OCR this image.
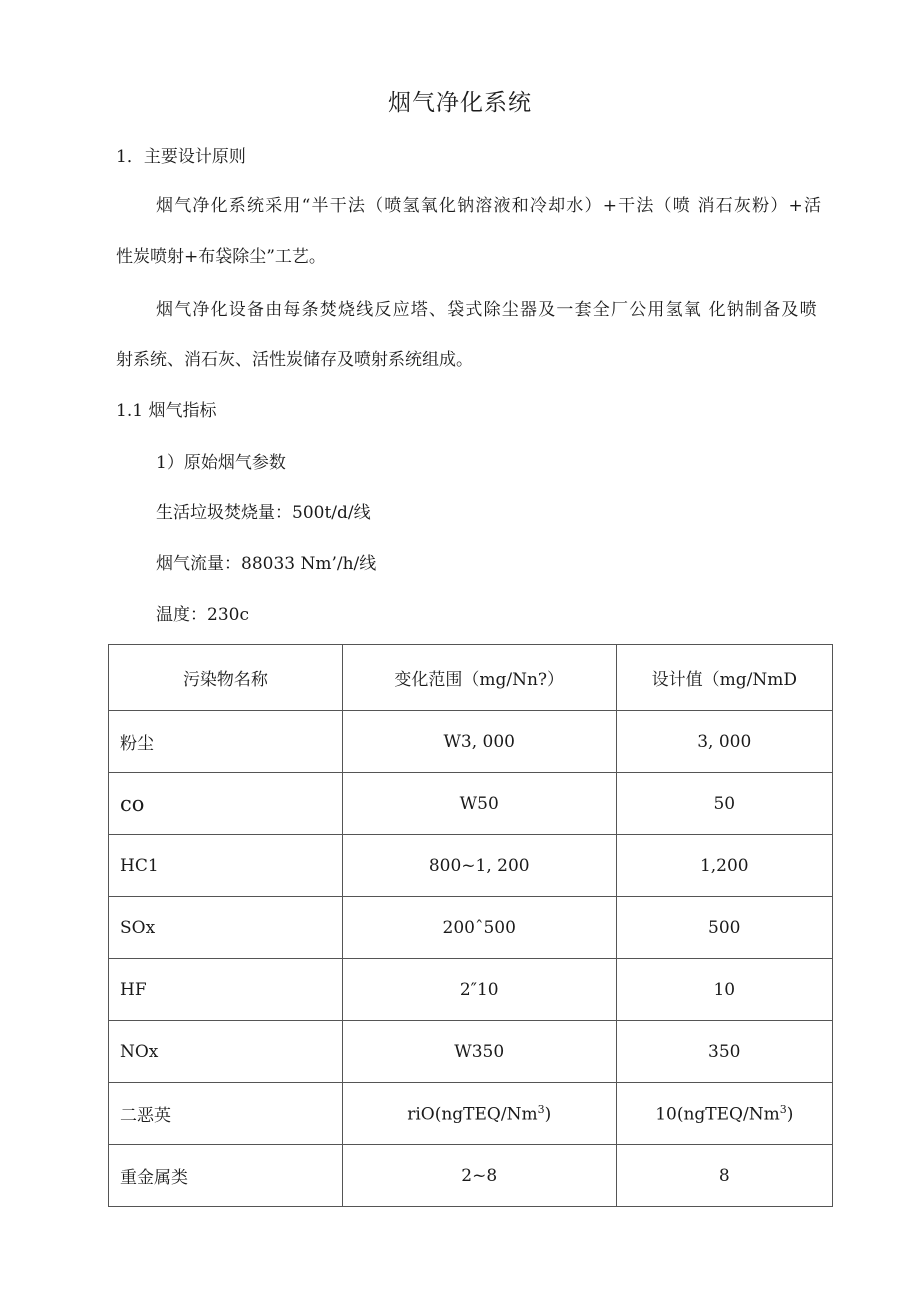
烟气净化系统
1．主要设计原则
烟气净化系统采用“半干法（喷氢氧化钠溶液和冷却水）+干法（喷 消石灰粉）+活
性炭喷射+布袋除尘”工艺。
烟气净化设备由每条焚烧线反应塔、袋式除尘器及一套全厂公用氢氧 化钠制备及喷
射系统、消石灰、活性炭储存及喷射系统组成。
1.1 烟气指标
1）原始烟气参数
生活垃圾焚烧量：500t/d/线
烟气流量：88033 Nm’/h/线
温度：230c
污染物名称	变化范围（mg/Nn?）	设计值（mg/NmD
粉尘	W3, 000	3, 000
co	W50	50
HC1	800~1, 200	1,200
SOx	200ˆ500	500
HF	2″10	10
NOx	W350	350
二恶英	riO(ngTEQ/Nm$^3$)	10(ngTEQ/Nm$^3$)
重金属类	2~8	8
